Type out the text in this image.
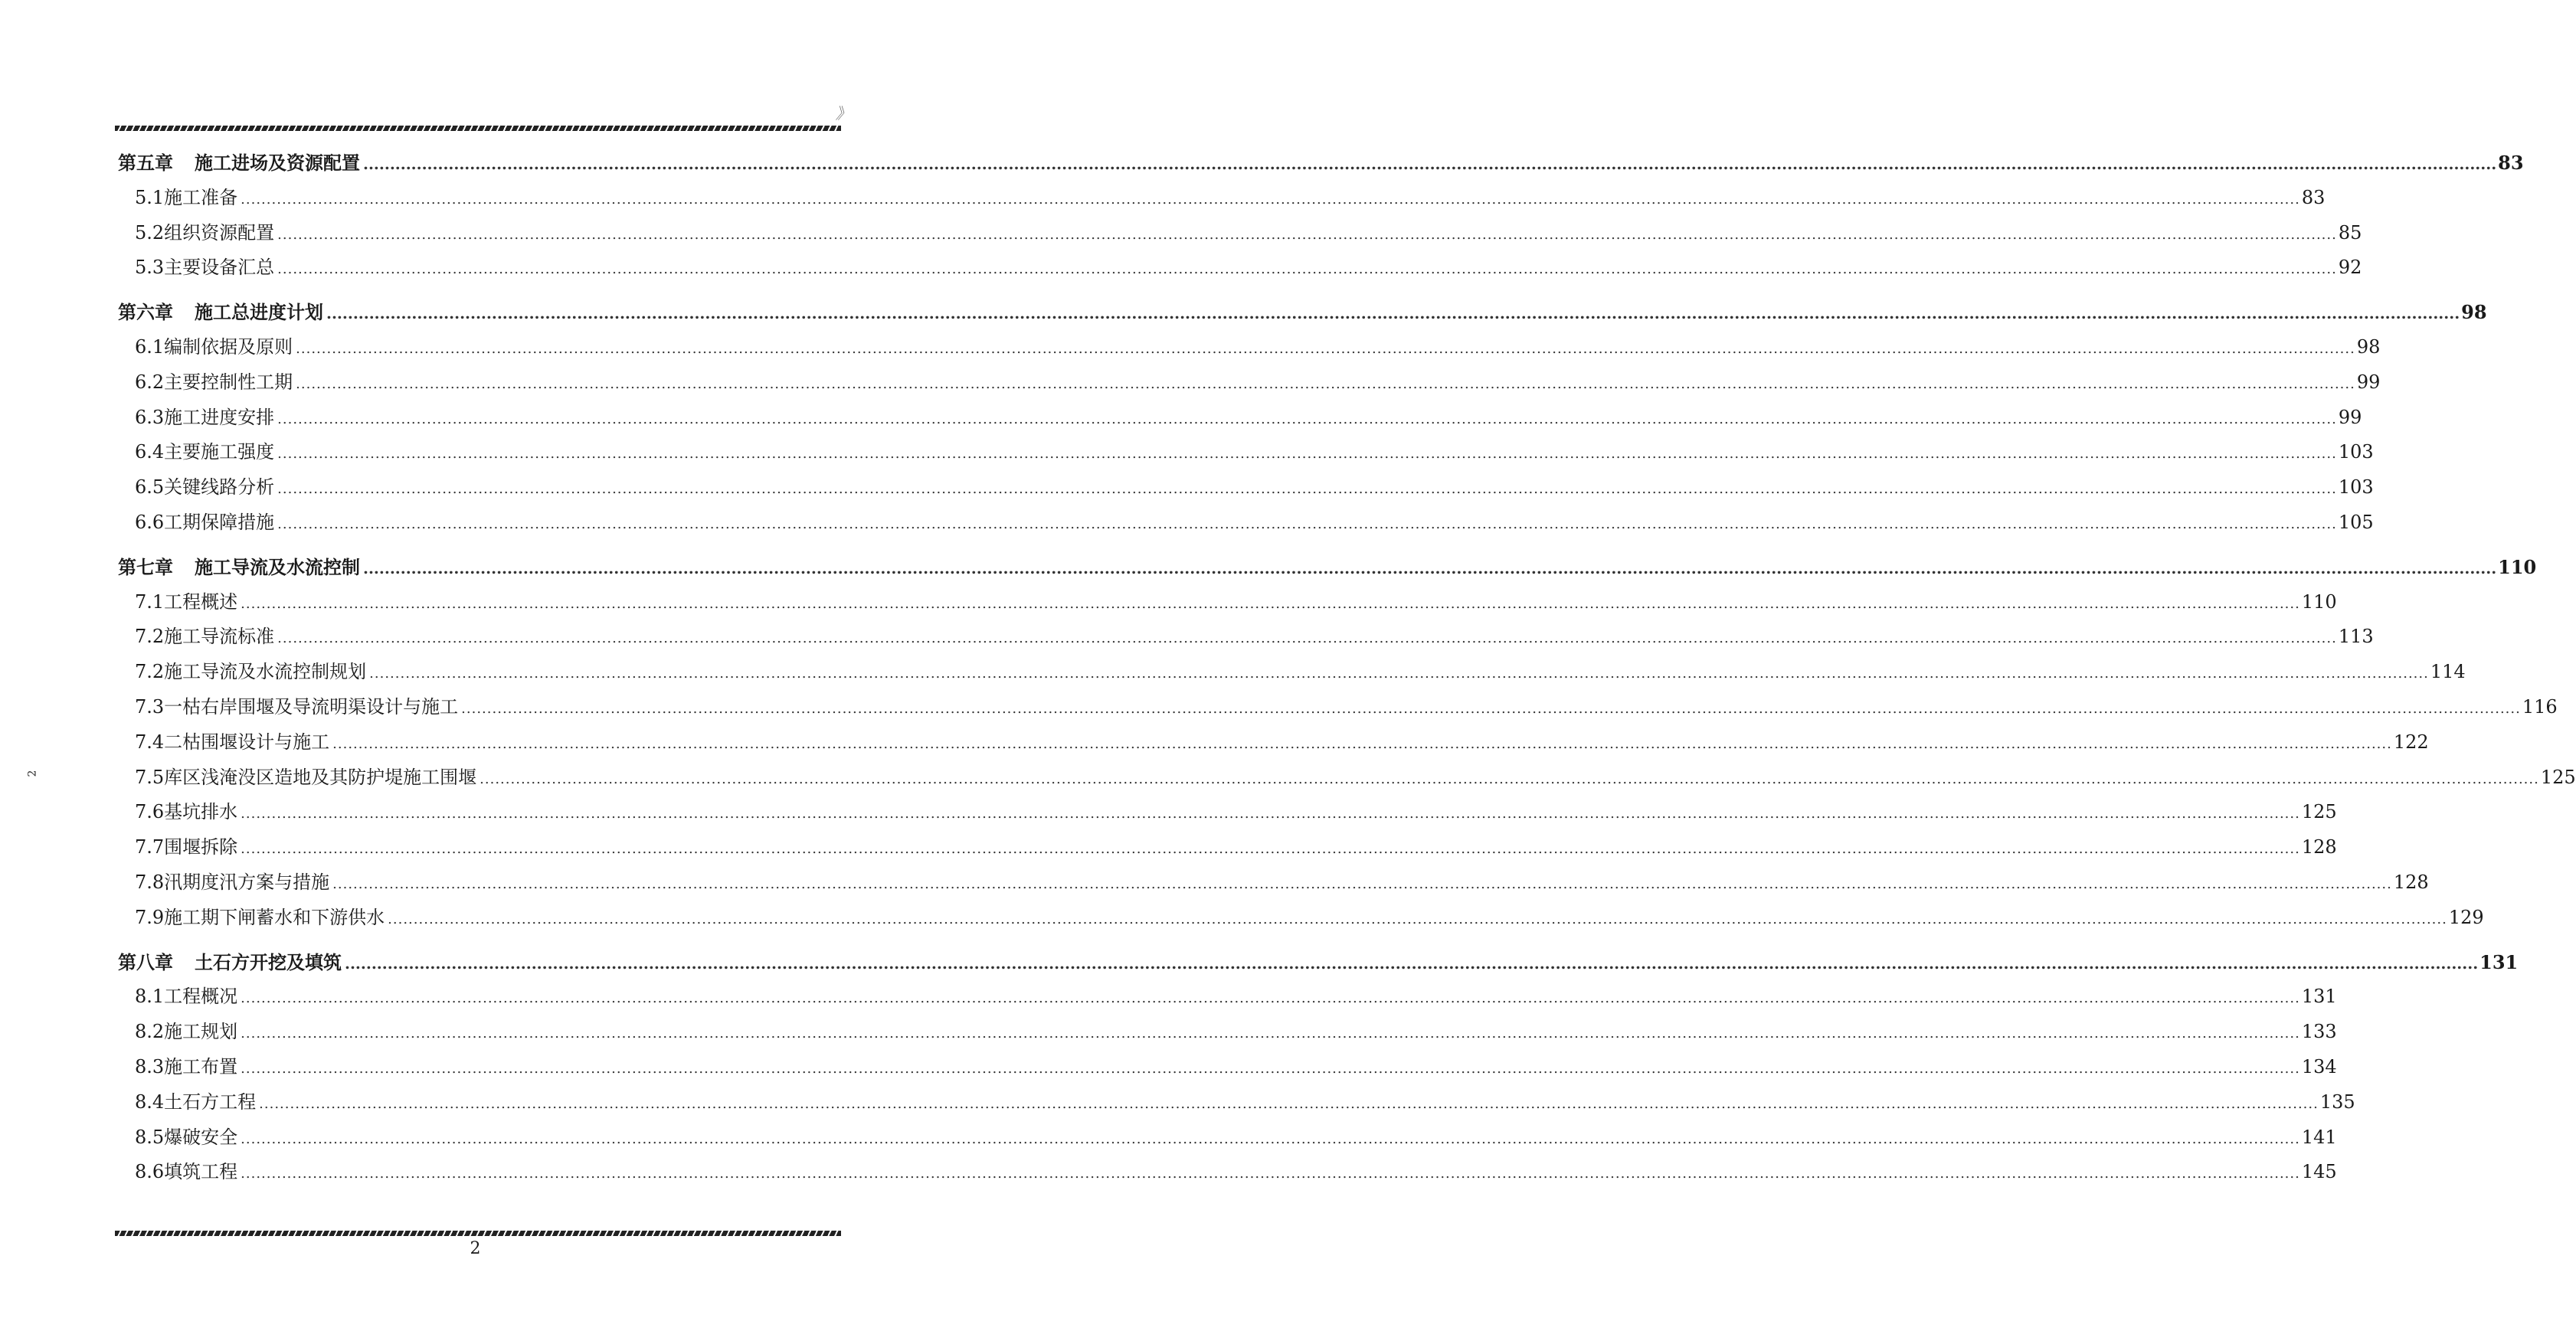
》
2
第五章 施工进场及资源配置 ................................................................................................................................................................................................................................................................................................................................................................................................................ 83
5.1 施工准备 ................................................................................................................................................................................................................................................................................................................................................................................................................ 83
5.2 组织资源配置 ................................................................................................................................................................................................................................................................................................................................................................................................................ 85
5.3 主要设备汇总 ................................................................................................................................................................................................................................................................................................................................................................................................................ 92
第六章 施工总进度计划 ................................................................................................................................................................................................................................................................................................................................................................................................................ 98
6.1 编制依据及原则 ................................................................................................................................................................................................................................................................................................................................................................................................................ 98
6.2 主要控制性工期 ................................................................................................................................................................................................................................................................................................................................................................................................................ 99
6.3 施工进度安排 ................................................................................................................................................................................................................................................................................................................................................................................................................ 99
6.4 主要施工强度 ................................................................................................................................................................................................................................................................................................................................................................................................................ 103
6.5 关键线路分析 ................................................................................................................................................................................................................................................................................................................................................................................................................ 103
6.6 工期保障措施 ................................................................................................................................................................................................................................................................................................................................................................................................................ 105
第七章 施工导流及水流控制 ................................................................................................................................................................................................................................................................................................................................................................................................................ 110
7.1 工程概述 ................................................................................................................................................................................................................................................................................................................................................................................................................ 110
7.2 施工导流标准 ................................................................................................................................................................................................................................................................................................................................................................................................................ 113
7.2 施工导流及水流控制规划 ................................................................................................................................................................................................................................................................................................................................................................................................................ 114
7.3 一枯右岸围堰及导流明渠设计与施工 ................................................................................................................................................................................................................................................................................................................................................................................................................ 116
7.4 二枯围堰设计与施工 ................................................................................................................................................................................................................................................................................................................................................................................................................ 122
7.5 库区浅淹没区造地及其防护堤施工围堰 ................................................................................................................................................................................................................................................................................................................................................................................................................ 125
7.6 基坑排水 ................................................................................................................................................................................................................................................................................................................................................................................................................ 125
7.7 围堰拆除 ................................................................................................................................................................................................................................................................................................................................................................................................................ 128
7.8 汛期度汛方案与措施 ................................................................................................................................................................................................................................................................................................................................................................................................................ 128
7.9 施工期下闸蓄水和下游供水 ................................................................................................................................................................................................................................................................................................................................................................................................................ 129
第八章 土石方开挖及填筑 ................................................................................................................................................................................................................................................................................................................................................................................................................ 131
8.1 工程概况 ................................................................................................................................................................................................................................................................................................................................................................................................................ 131
8.2 施工规划 ................................................................................................................................................................................................................................................................................................................................................................................................................ 133
8.3 施工布置 ................................................................................................................................................................................................................................................................................................................................................................................................................ 134
8.4 土石方工程 ................................................................................................................................................................................................................................................................................................................................................................................................................ 135
8.5 爆破安全 ................................................................................................................................................................................................................................................................................................................................................................................................................ 141
8.6 填筑工程 ................................................................................................................................................................................................................................................................................................................................................................................................................ 145
2
